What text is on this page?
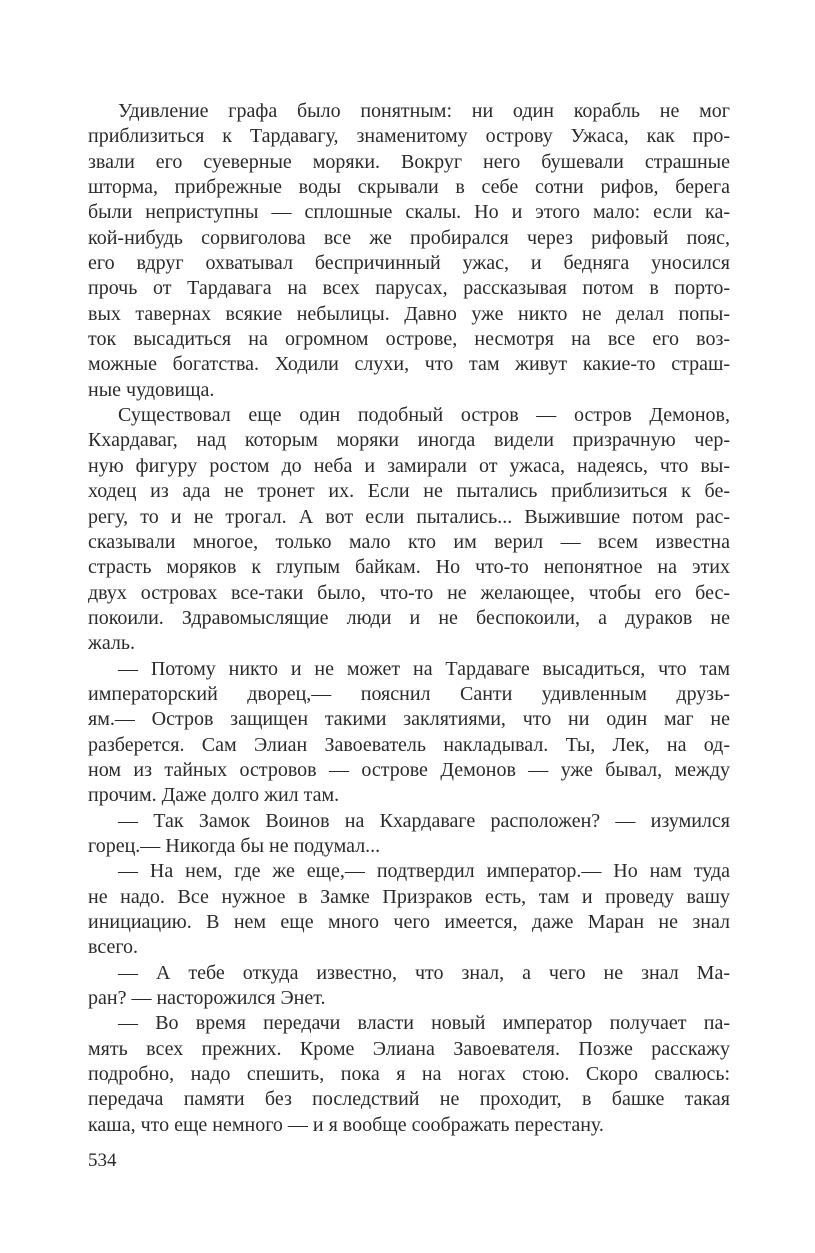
Удивление графа было понятным: ни один корабль не мог
приблизиться к Тардавагу, знаменитому острову Ужаса, как про-
звали его суеверные моряки. Вокруг него бушевали страшные
шторма, прибрежные воды скрывали в себе сотни рифов, берега
были неприступны — сплошные скалы. Но и этого мало: если ка-
кой-нибудь сорвиголова все же пробирался через рифовый пояс,
его вдруг охватывал беспричинный ужас, и бедняга уносился
прочь от Тардавага на всех парусах, рассказывая потом в порто-
вых тавернах всякие небылицы. Давно уже никто не делал попы-
ток высадиться на огромном острове, несмотря на все его воз-
можные богатства. Ходили слухи, что там живут какие-то страш-
ные чудовища.
Существовал еще один подобный остров — остров Демонов,
Кхардаваг, над которым моряки иногда видели призрачную чер-
ную фигуру ростом до неба и замирали от ужаса, надеясь, что вы-
ходец из ада не тронет их. Если не пытались приблизиться к бе-
регу, то и не трогал. А вот если пытались... Выжившие потом рас-
сказывали многое, только мало кто им верил — всем известна
страсть моряков к глупым байкам. Но что-то непонятное на этих
двух островах все-таки было, что-то не желающее, чтобы его бес-
покоили. Здравомыслящие люди и не беспокоили, а дураков не
жаль.
— Потому никто и не может на Тардаваге высадиться, что там
императорский дворец,— пояснил Санти удивленным друзь-
ям.— Остров защищен такими заклятиями, что ни один маг не
разберется. Сам Элиан Завоеватель накладывал. Ты, Лек, на од-
ном из тайных островов — острове Демонов — уже бывал, между
прочим. Даже долго жил там.
— Так Замок Воинов на Кхардаваге расположен? — изумился
горец.— Никогда бы не подумал...
— На нем, где же еще,— подтвердил император.— Но нам туда
не надо. Все нужное в Замке Призраков есть, там и проведу вашу
инициацию. В нем еще много чего имеется, даже Маран не знал
всего.
— А тебе откуда известно, что знал, а чего не знал Ма-
ран? — насторожился Энет.
— Во время передачи власти новый император получает па-
мять всех прежних. Кроме Элиана Завоевателя. Позже расскажу
подробно, надо спешить, пока я на ногах стою. Скоро свалюсь:
передача памяти без последствий не проходит, в башке такая
каша, что еще немного — и я вообще соображать перестану.
534
